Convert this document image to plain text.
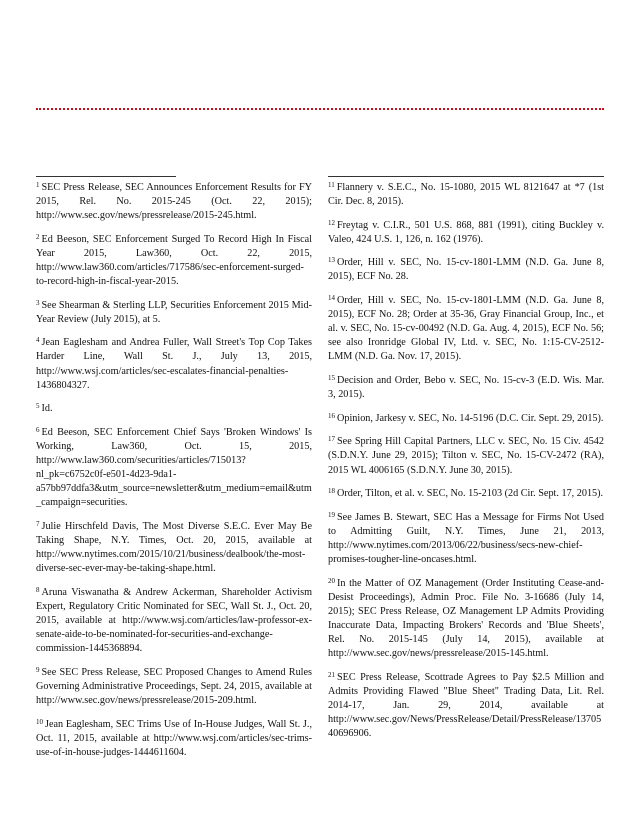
$^1$ SEC Press Release, SEC Announces Enforcement Results for FY 2015, Rel. No. 2015-245 (Oct. 22, 2015); http://www.sec.gov/news/pressrelease/2015-245.html.

$^2$ Ed Beeson, SEC Enforcement Surged To Record High In Fiscal Year 2015, Law360, Oct. 22, 2015, http://www.law360.com/articles/717586/sec-enforcement-surged-to-record-high-in-fiscal-year-2015.

$^3$ See Shearman & Sterling LLP, Securities Enforcement 2015 Mid-Year Review (July 2015), at 5.

$^4$ Jean Eaglesham and Andrea Fuller, Wall Street's Top Cop Takes Harder Line, Wall St. J., July 13, 2015, http://www.wsj.com/articles/sec-escalates-financial-penalties-1436804327.

$^5$ Id.

$^6$ Ed Beeson, SEC Enforcement Chief Says 'Broken Windows' Is Working, Law360, Oct. 15, 2015, http://www.law360.com/securities/articles/715013?nl_pk=c6752c0f-e501-4d23-9da1-a57bb97ddfa3&utm_source=newsletter&utm_medium=email&utm_campaign=securities.

$^7$ Julie Hirschfeld Davis, The Most Diverse S.E.C. Ever May Be Taking Shape, N.Y. Times, Oct. 20, 2015, available at http://www.nytimes.com/2015/10/21/business/dealbook/the-most-diverse-sec-ever-may-be-taking-shape.html.

$^8$ Aruna Viswanatha & Andrew Ackerman, Shareholder Activism Expert, Regulatory Critic Nominated for SEC, Wall St. J., Oct. 20, 2015, available at http://www.wsj.com/articles/law-professor-ex-senate-aide-to-be-nominated-for-securities-and-exchange-commission-1445368894.

$^9$ See SEC Press Release, SEC Proposed Changes to Amend Rules Governing Administrative Proceedings, Sept. 24, 2015, available at http://www.sec.gov/news/pressrelease/2015-209.html.

$^{10}$ Jean Eaglesham, SEC Trims Use of In-House Judges, Wall St. J., Oct. 11, 2015, available at http://www.wsj.com/articles/sec-trims-use-of-in-house-judges-1444611604.

$^{11}$ Flannery v. S.E.C., No. 15-1080, 2015 WL 8121647 at *7 (1st Cir. Dec. 8, 2015).

$^{12}$ Freytag v. C.I.R., 501 U.S. 868, 881 (1991), citing Buckley v. Valeo, 424 U.S. 1, 126, n. 162 (1976).

$^{13}$ Order, Hill v. SEC, No. 15-cv-1801-LMM (N.D. Ga. June 8, 2015), ECF No. 28.

$^{14}$ Order, Hill v. SEC, No. 15-cv-1801-LMM (N.D. Ga. June 8, 2015), ECF No. 28; Order at 35-36, Gray Financial Group, Inc., et al. v. SEC, No. 15-cv-00492 (N.D. Ga. Aug. 4, 2015), ECF No. 56; see also Ironridge Global IV, Ltd. v. SEC, No. 1:15-CV-2512-LMM (N.D. Ga. Nov. 17, 2015).

$^{15}$ Decision and Order, Bebo v. SEC, No. 15-cv-3 (E.D. Wis. Mar. 3, 2015).

$^{16}$ Opinion, Jarkesy v. SEC, No. 14-5196 (D.C. Cir. Sept. 29, 2015).

$^{17}$ See Spring Hill Capital Partners, LLC v. SEC, No. 15 Civ. 4542 (S.D.N.Y. June 29, 2015); Tilton v. SEC, No. 15-CV-2472 (RA), 2015 WL 4006165 (S.D.N.Y. June 30, 2015).

$^{18}$ Order, Tilton, et al. v. SEC, No. 15-2103 (2d Cir. Sept. 17, 2015).

$^{19}$ See James B. Stewart, SEC Has a Message for Firms Not Used to Admitting Guilt, N.Y. Times, June 21, 2013, http://www.nytimes.com/2013/06/22/business/secs-new-chief-promises-tougher-line-oncases.html.

$^{20}$ In the Matter of OZ Management (Order Instituting Cease-and-Desist Proceedings), Admin Proc. File No. 3-16686 (July 14, 2015); SEC Press Release, OZ Management LP Admits Providing Inaccurate Data, Impacting Brokers' Records and 'Blue Sheets', Rel. No. 2015-145 (July 14, 2015), available at http://www.sec.gov/news/pressrelease/2015-145.html.

$^{21}$ SEC Press Release, Scottrade Agrees to Pay $2.5 Million and Admits Providing Flawed "Blue Sheet" Trading Data, Lit. Rel. 2014-17, Jan. 29, 2014, available at http://www.sec.gov/News/PressRelease/Detail/PressRelease/1370540696906.
